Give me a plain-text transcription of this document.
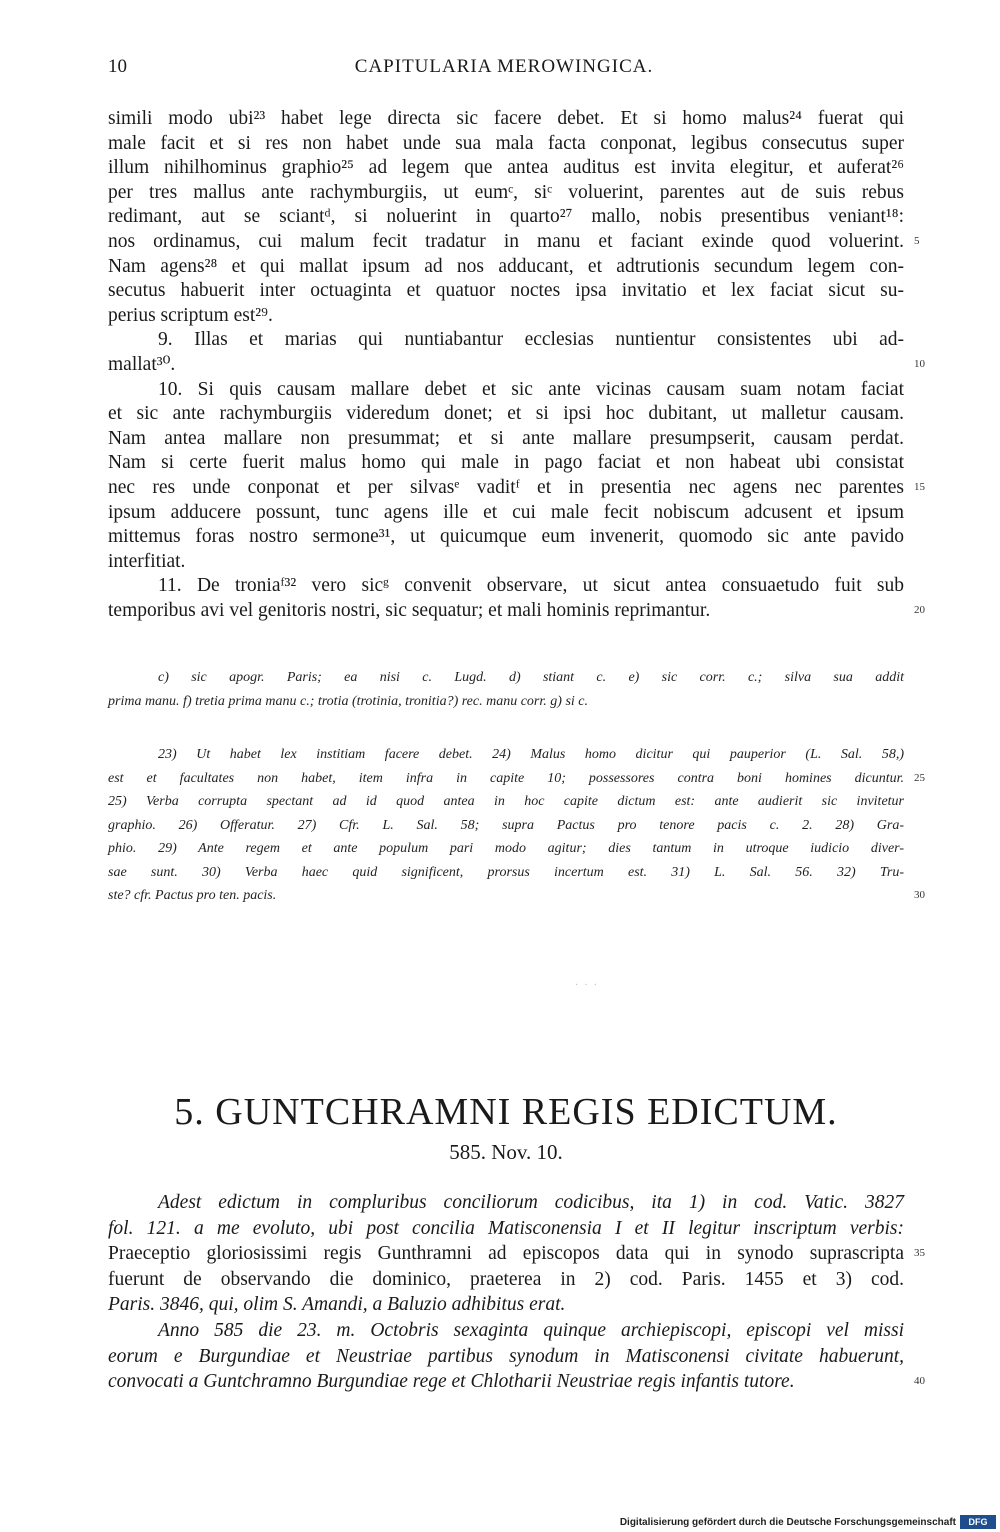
10	CAPITULARIA MEROWINGICA.
simili modo ubi²³ habet lege directa sic facere debet. Et si homo malus²⁴ fuerat qui
male facit et si res non habet unde sua mala facta conponat, legibus consecutus super
illum nihilhominus graphio²⁵ ad legem que antea auditus est invita elegitur, et auferat²⁶
per tres mallus ante rachymburgiis, ut eumᶜ, siᶜ voluerint, parentes aut de suis rebus
redimant, aut se sciantᵈ, si noluerint in quarto²⁷ mallo, nobis presentibus veniant¹⁸:
nos ordinamus, cui malum fecit tradatur in manu et faciant exinde quod voluerint. 5
Nam agens²⁸ et qui mallat ipsum ad nos adducant, et adtrutionis secundum legem con-
secutus habuerit inter octuaginta et quatuor noctes ipsa invitatio et lex faciat sicut su-
perius scriptum est²⁹.
9. Illas et marias qui nuntiabantur ecclesias nuntientur consistentes ubi ad-
mallat³⁰.	10
10. Si quis causam mallare debet et sic ante vicinas causam suam notam faciat
et sic ante rachymburgiis videredum donet; et si ipsi hoc dubitant, ut malletur causam.
Nam antea mallare non presummat; et si ante mallare presumpserit, causam perdat.
Nam si certe fuerit malus homo qui male in pago faciat et non habeat ubi consistat
nec res unde conponat et per silvasᵉ vaditᶠ et in presentia nec agens nec parentes 15
ipsum adducere possunt, tunc agens ille et cui male fecit nobiscum adcusent et ipsum
mittemus foras nostro sermone³¹, ut quicumque eum invenerit, quomodo sic ante pavido
interfitiat.
11. De troniaᶠ³² vero sicᵍ convenit observare, ut sicut antea consuaetudo fuit sub
temporibus avi vel genitoris nostri, sic sequatur; et mali hominis reprimantur.	20
c) sic apogr. Paris; ea nisi c. Lugd. d) stiant c. e) sic corr. c.; silva sua addit
prima manu. f) tretia prima manu c.; trotia (trotinia, tronitia?) rec. manu corr. g) si c.
23) Ut habet lex institiam facere debet. 24) Malus homo dicitur qui pauperior (L. Sal. 58,)
est et facultates non habet, item infra in capite 10; possessores contra boni homines dicuntur. 25
25) Verba corrupta spectant ad id quod antea in hoc capite dictum est: ante audierit sic invitetur
graphio. 26) Offeratur. 27) Cfr. L. Sal. 58; supra Pactus pro tenore pacis c. 2. 28) Gra-
phio. 29) Ante regem et ante populum pari modo agitur; dies tantum in utroque iudicio diver-
sae sunt. 30) Verba haec quid significent, prorsus incertum est. 31) L. Sal. 56. 32) Tru-
ste? cfr. Pactus pro ten. pacis.	30
···
5. GUNTCHRAMNI REGIS EDICTUM.
585. Nov. 10.
Adest edictum in compluribus conciliorum codicibus, ita 1) in cod. Vatic. 3827
fol. 121. a me evoluto, ubi post concilia Matisconensia I et II legitur inscriptum verbis:
Praeceptio gloriosissimi regis Gunthramni ad episcopos data qui in synodo suprascripta 35
fuerunt de observando die dominico, praeterea in 2) cod. Paris. 1455 et 3) cod.
Paris. 3846, qui, olim S. Amandi, a Baluzio adhibitus erat.
Anno 585 die 23. m. Octobris sexaginta quinque archiepiscopi, episcopi vel missi
eorum e Burgundiae et Neustriae partibus synodum in Matisconensi civitate habuerunt,
convocati a Guntchramno Burgundiae rege et Chlotharii Neustriae regis infantis tutore.	40
Digitalisierung gefördert durch die Deutsche Forschungsgemeinschaft	DFG
